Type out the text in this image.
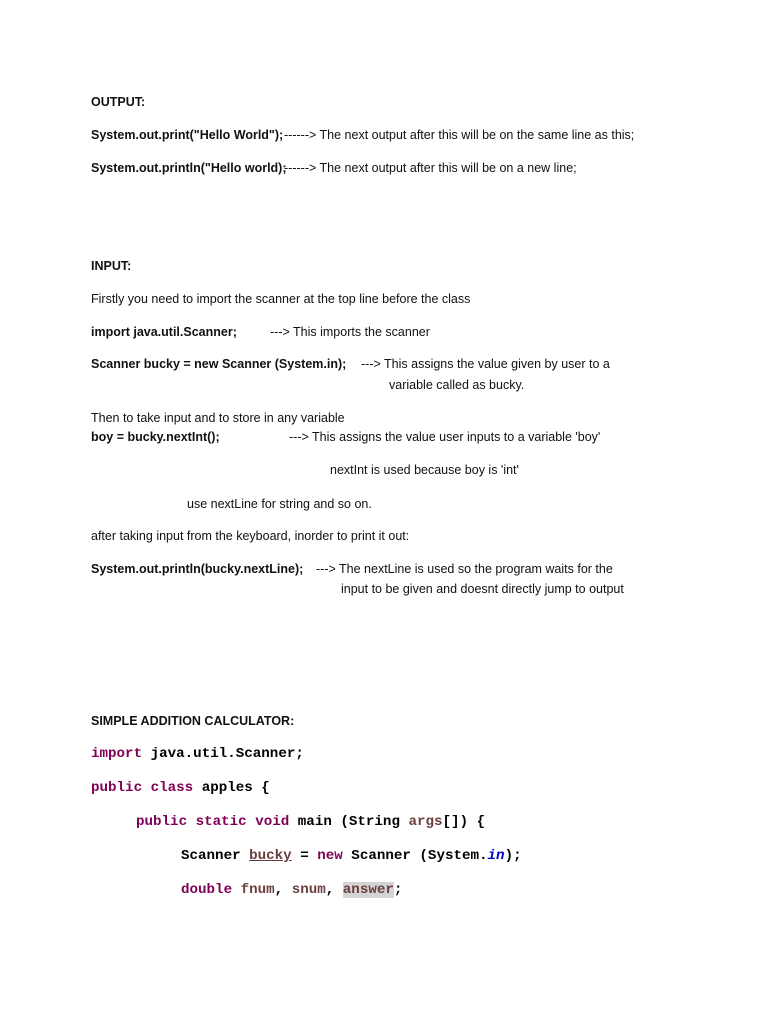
OUTPUT:
System.out.print("Hello World"); ------> The next output after this will be on the same line as this;
System.out.println("Hello world);
------> The next output after this will be on a new line;
INPUT:
Firstly you need to import the scanner at the top line before the class
import java.util.Scanner;	---> This imports the scanner
Scanner bucky = new Scanner (System.in); ---> This assigns the value given by user to a
variable called as bucky.
Then to take input and to store in any variable
boy = bucky.nextInt();	---> This assigns the value user inputs to a variable 'boy'
nextInt is used because boy is 'int'
use nextLine for string and so on.
after taking input from the keyboard, inorder to print it out:
System.out.println(bucky.nextLine); ---> The nextLine is used so the program waits for the
input to be given and doesnt directly jump to output
SIMPLE ADDITION CALCULATOR:
import java.util.Scanner;
public class apples {
public static void main (String args[]) {
Scanner bucky = new Scanner (System.in);
double fnum, snum, answer;
